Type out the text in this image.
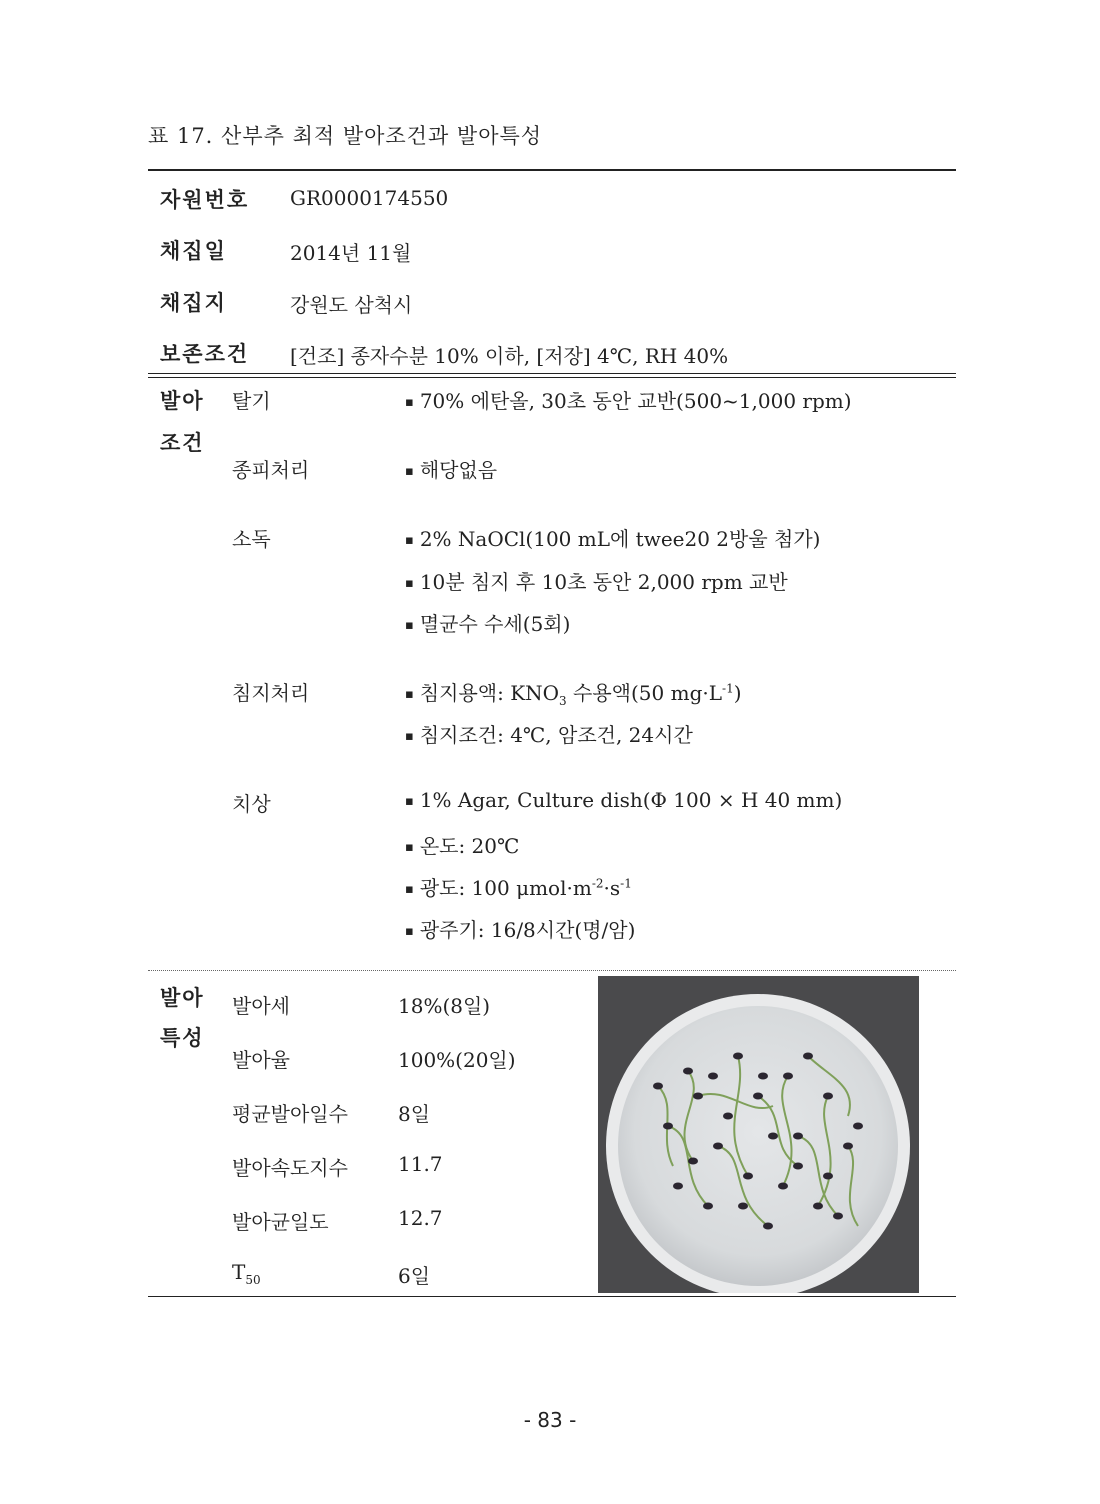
표 17. 산부추 최적 발아조건과 발아특성
자원번호 GR0000174550
채집일	2014년 11월
채집지	강원도 삼척시
보존조건 [건조] 종자수분 10% 이하, [저장] 4℃, RH 40%
발아
조건
탈기	▪ 70% 에탄올, 30초 동안 교반(500~1,000 rpm)
종피처리	▪ 해당없음
소독	▪ 2% NaOCl(100 mL에 twee20 2방울 첨가)
▪ 10분 침지 후 10초 동안 2,000 rpm 교반
▪ 멸균수 수세(5회)
침지처리	▪ 침지용액: $KNO_3$ 수용액(50 $mg\cdot L^{-1}$)
▪ 침지조건: 4℃, 암조건, 24시간
치상	▪ 1% Agar, Culture dish(Φ 100 × H 40 mm)
▪ 온도: 20℃
▪ 광도: 100 $\mu mol\cdot m^{-2}\cdot s^{-1}$
▪ 광주기: 16/8시간(명/암)
발아
특성
발아세	18%(8일)
발아율	100%(20일)
평균발아일수	8일
발아속도지수	11.7
발아균일도	12.7
$T_{50}$	6일
- 83 -
